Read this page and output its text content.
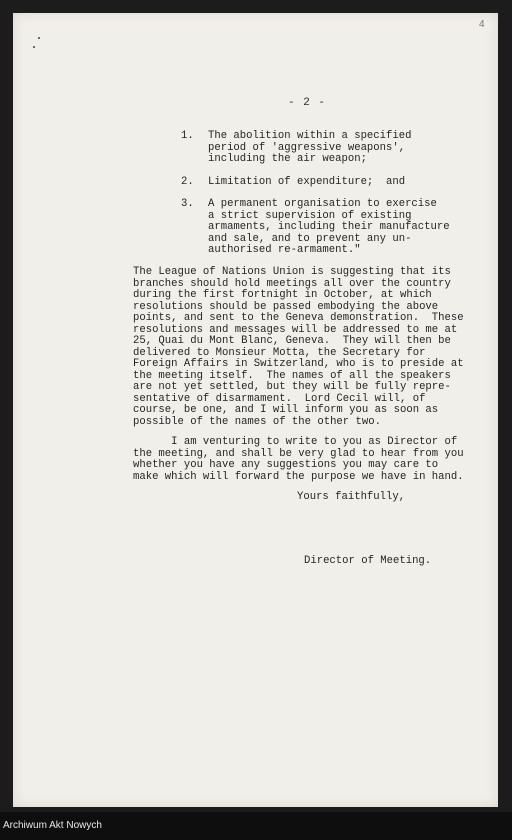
4
- 2 -
1. The abolition within a specified
period of 'aggressive weapons',
including the air weapon;
2. Limitation of expenditure;  and
3. A permanent organisation to exercise
a strict supervision of existing
armaments, including their manufacture
and sale, and to prevent any un-
authorised re-armament."
The League of Nations Union is suggesting that its
branches should hold meetings all over the country
during the first fortnight in October, at which
resolutions should be passed embodying the above
points, and sent to the Geneva demonstration.  These
resolutions and messages will be addressed to me at
25, Quai du Mont Blanc, Geneva.  They will then be
delivered to Monsieur Motta, the Secretary for
Foreign Affairs in Switzerland, who is to preside at
the meeting itself.  The names of all the speakers
are not yet settled, but they will be fully repre-
sentative of disarmament.  Lord Cecil will, of
course, be one, and I will inform you as soon as
possible of the names of the other two.
I am venturing to write to you as Director of
the meeting, and shall be very glad to hear from you
whether you have any suggestions you may care to
make which will forward the purpose we have in hand.
Yours faithfully,
Director of Meeting.
Archiwum Akt Nowych
